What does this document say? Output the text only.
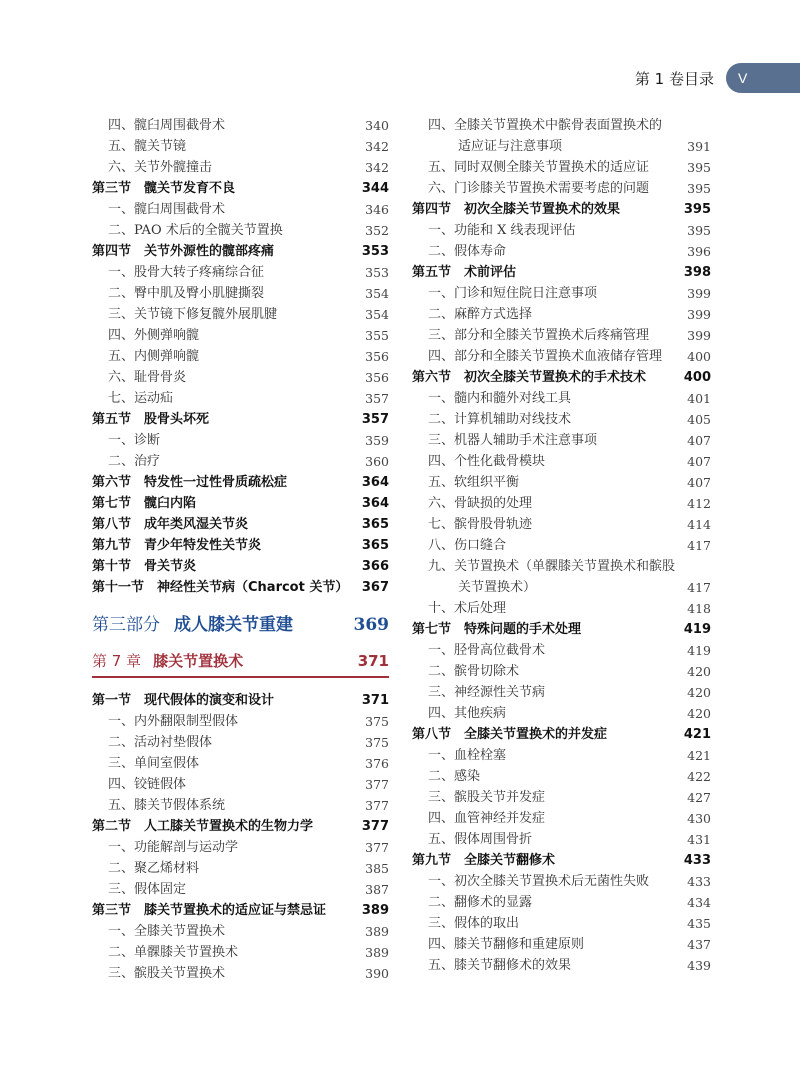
第 1 卷目录	V
四、髋臼周围截骨术	340
五、髋关节镜	342
六、关节外髋撞击	342
第三节　髋关节发育不良	344
一、髋臼周围截骨术	346
二、PAO 术后的全髋关节置换	352
第四节　关节外源性的髋部疼痛	353
一、股骨大转子疼痛综合征	353
二、臀中肌及臀小肌腱撕裂	354
三、关节镜下修复髋外展肌腱	354
四、外侧弹响髋	355
五、内侧弹响髋	356
六、耻骨骨炎	356
七、运动疝	357
第五节　股骨头坏死	357
一、诊断	359
二、治疗	360
第六节　特发性一过性骨质疏松症	364
第七节　髋臼内陷	364
第八节　成年类风湿关节炎	365
第九节　青少年特发性关节炎	365
第十节　骨关节炎	366
第十一节　神经性关节病（Charcot 关节）	367
第三部分 成人膝关节重建	369
第 7 章 膝关节置换术	371
第一节　现代假体的演变和设计	371
一、内外翻限制型假体	375
二、活动衬垫假体	375
三、单间室假体	376
四、铰链假体	377
五、膝关节假体系统	377
第二节　人工膝关节置换术的生物力学	377
一、功能解剖与运动学	377
二、聚乙烯材料	385
三、假体固定	387
第三节　膝关节置换术的适应证与禁忌证	389
一、全膝关节置换术	389
二、单髁膝关节置换术	389
三、髌股关节置换术	390
四、全膝关节置换术中髌骨表面置换术的
适应证与注意事项	391
五、同时双侧全膝关节置换术的适应证	395
六、门诊膝关节置换术需要考虑的问题	395
第四节　初次全膝关节置换术的效果	395
一、功能和 X 线表现评估	395
二、假体寿命	396
第五节　术前评估	398
一、门诊和短住院日注意事项	399
二、麻醉方式选择	399
三、部分和全膝关节置换术后疼痛管理	399
四、部分和全膝关节置换术血液储存管理	400
第六节　初次全膝关节置换术的手术技术	400
一、髓内和髓外对线工具	401
二、计算机辅助对线技术	405
三、机器人辅助手术注意事项	407
四、个性化截骨模块	407
五、软组织平衡	407
六、骨缺损的处理	412
七、髌骨股骨轨迹	414
八、伤口缝合	417
九、关节置换术（单髁膝关节置换术和髌股
关节置换术）	417
十、术后处理	418
第七节　特殊问题的手术处理	419
一、胫骨高位截骨术	419
二、髌骨切除术	420
三、神经源性关节病	420
四、其他疾病	420
第八节　全膝关节置换术的并发症	421
一、血栓栓塞	421
二、感染	422
三、髌股关节并发症	427
四、血管神经并发症	430
五、假体周围骨折	431
第九节　全膝关节翻修术	433
一、初次全膝关节置换术后无菌性失败	433
二、翻修术的显露	434
三、假体的取出	435
四、膝关节翻修和重建原则	437
五、膝关节翻修术的效果	439
